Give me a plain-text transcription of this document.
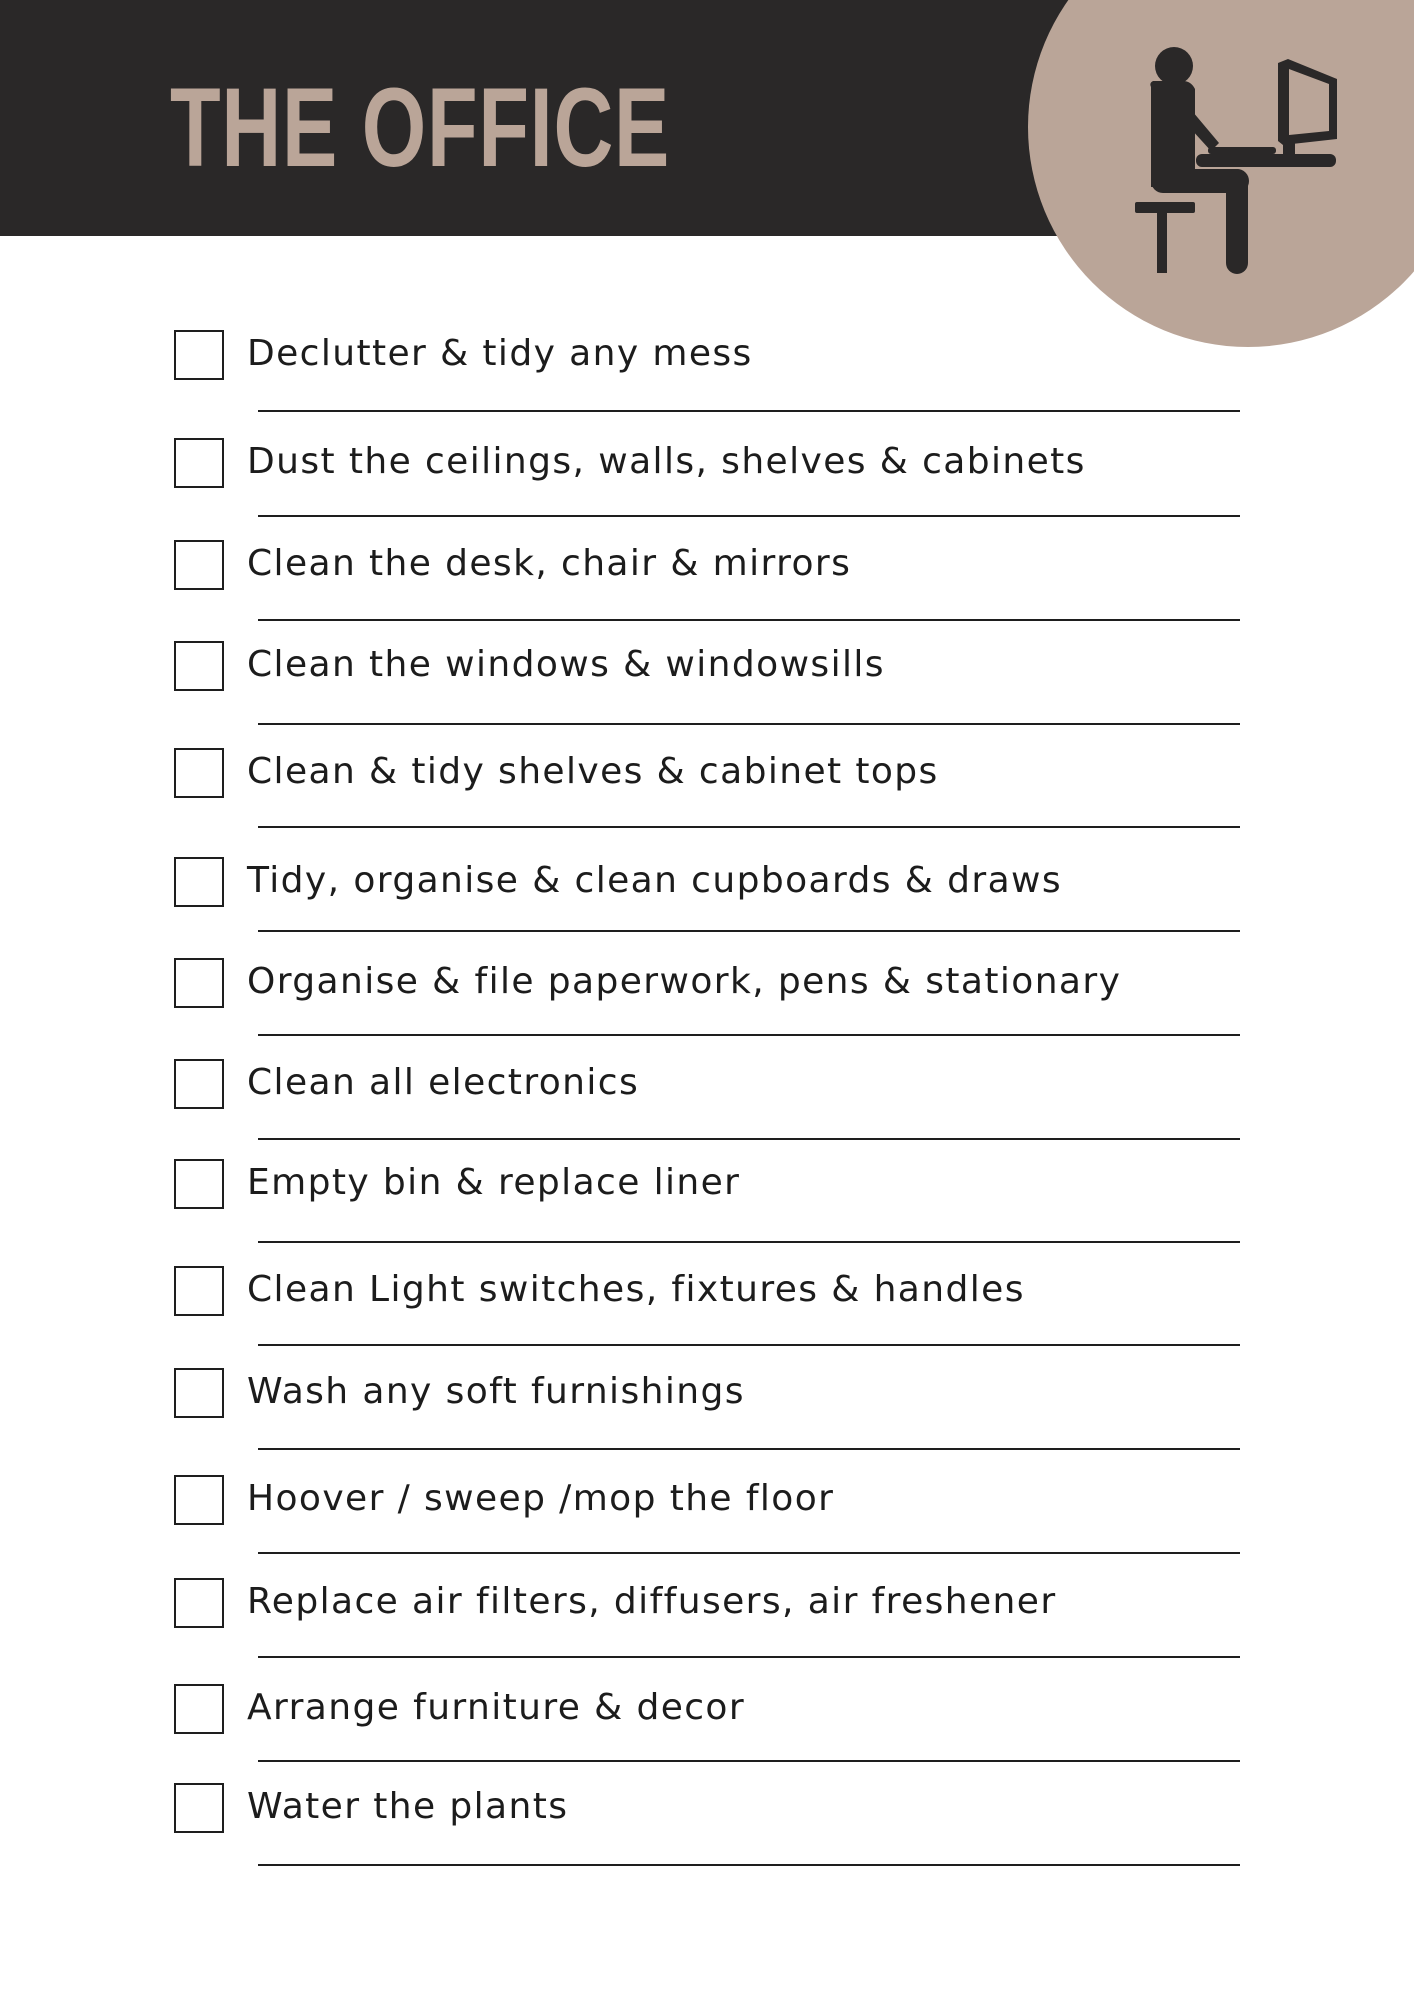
THE OFFICE
Declutter & tidy any mess
Dust the ceilings, walls, shelves & cabinets
Clean the desk, chair & mirrors
Clean the windows & windowsills
Clean & tidy shelves & cabinet tops
Tidy, organise & clean cupboards & draws
Organise & file paperwork, pens & stationary
Clean all electronics
Empty bin & replace liner
Clean Light switches, fixtures & handles
Wash any soft furnishings
Hoover / sweep /mop the floor
Replace air filters, diffusers, air freshener
Arrange furniture & decor
Water the plants
